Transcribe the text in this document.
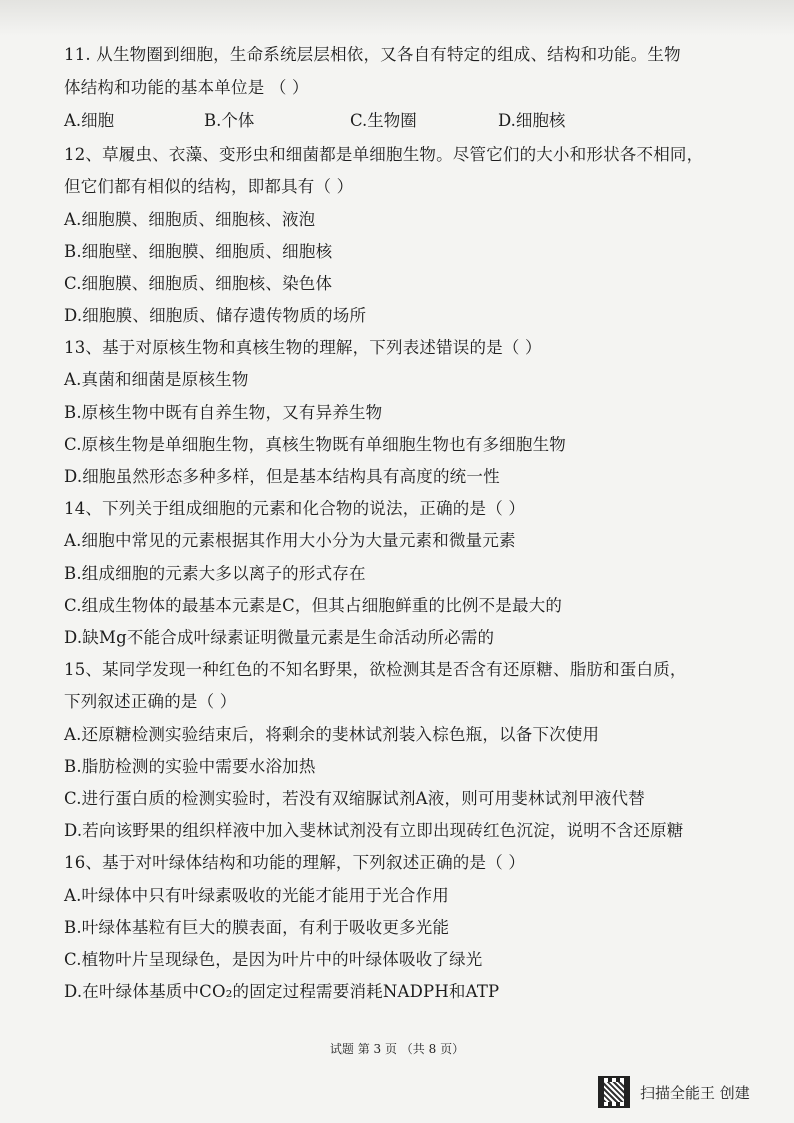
11. 从生物圈到细胞，生命系统层层相依，又各自有特定的组成、结构和功能。生物
体结构和功能的基本单位是 （ ）
A.细胞	B.个体	C.生物圈	D.细胞核
12、草履虫、衣藻、变形虫和细菌都是单细胞生物。尽管它们的大小和形状各不相同，
但它们都有相似的结构，即都具有（ ）
A.细胞膜、细胞质、细胞核、液泡
B.细胞壁、细胞膜、细胞质、细胞核
C.细胞膜、细胞质、细胞核、染色体
D.细胞膜、细胞质、储存遗传物质的场所
13、基于对原核生物和真核生物的理解，下列表述错误的是（ ）
A.真菌和细菌是原核生物
B.原核生物中既有自养生物，又有异养生物
C.原核生物是单细胞生物，真核生物既有单细胞生物也有多细胞生物
D.细胞虽然形态多种多样，但是基本结构具有高度的统一性
14、下列关于组成细胞的元素和化合物的说法，正确的是（ ）
A.细胞中常见的元素根据其作用大小分为大量元素和微量元素
B.组成细胞的元素大多以离子的形式存在
C.组成生物体的最基本元素是C，但其占细胞鲜重的比例不是最大的
D.缺Mg不能合成叶绿素证明微量元素是生命活动所必需的
15、某同学发现一种红色的不知名野果，欲检测其是否含有还原糖、脂肪和蛋白质，
下列叙述正确的是（ ）
A.还原糖检测实验结束后，将剩余的斐林试剂装入棕色瓶，以备下次使用
B.脂肪检测的实验中需要水浴加热
C.进行蛋白质的检测实验时，若没有双缩脲试剂A液，则可用斐林试剂甲液代替
D.若向该野果的组织样液中加入斐林试剂没有立即出现砖红色沉淀，说明不含还原糖
16、基于对叶绿体结构和功能的理解，下列叙述正确的是（ ）
A.叶绿体中只有叶绿素吸收的光能才能用于光合作用
B.叶绿体基粒有巨大的膜表面，有利于吸收更多光能
C.植物叶片呈现绿色，是因为叶片中的叶绿体吸收了绿光
D.在叶绿体基质中CO₂的固定过程需要消耗NADPH和ATP
试题 第 3 页 （共 8 页）
扫描全能王 创建
